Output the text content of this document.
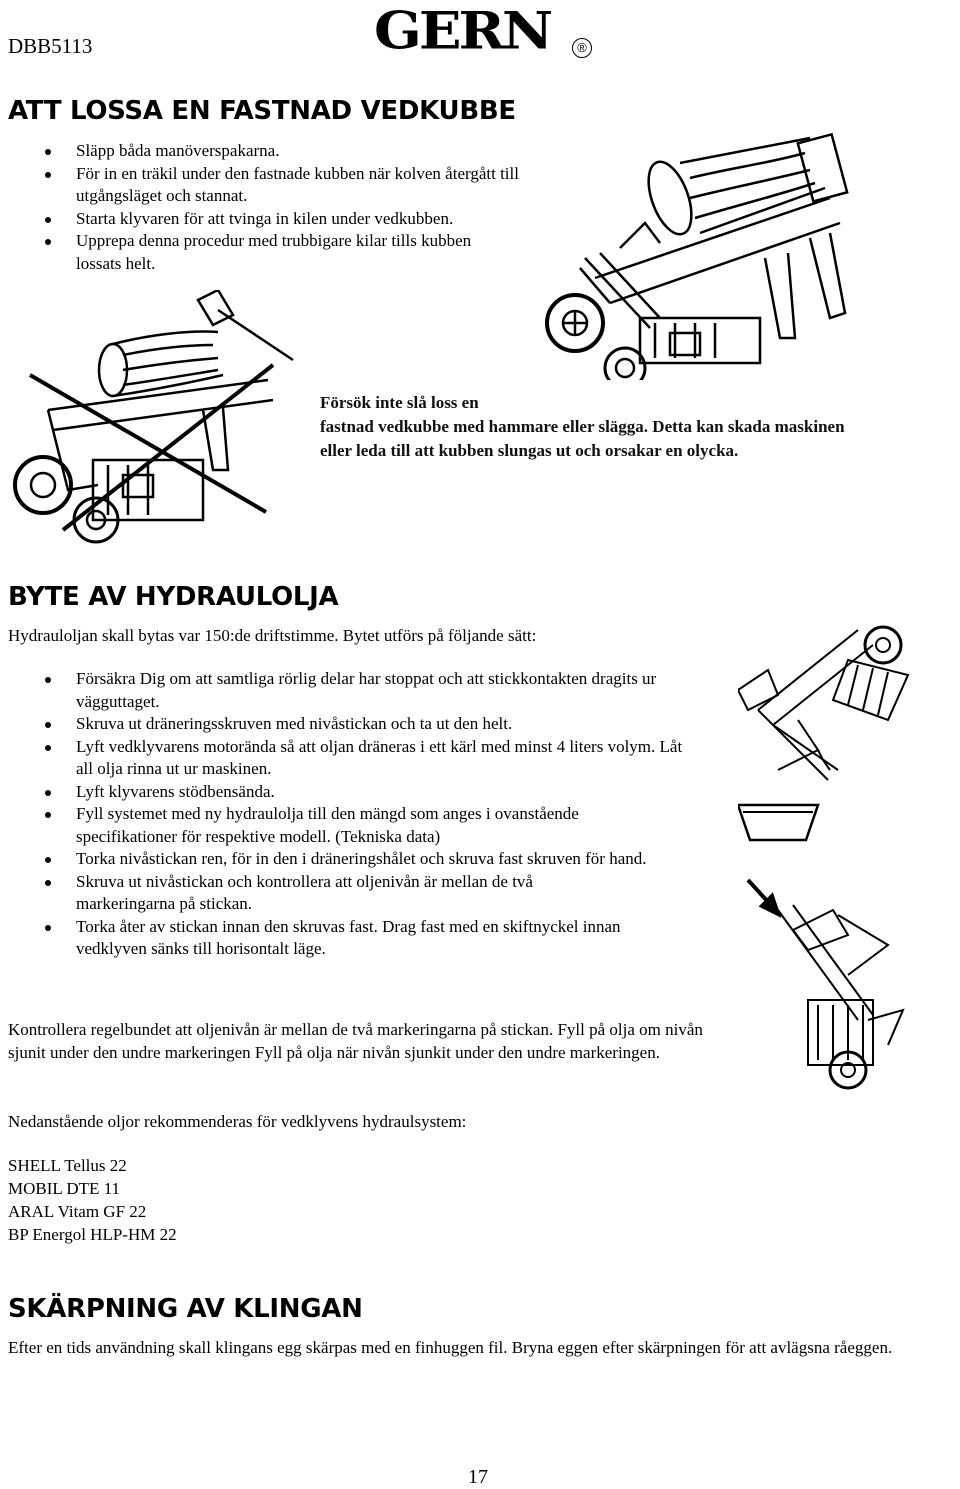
DBB5113	GERN	®
ATT LOSSA EN FASTNAD VEDKUBBE
Släpp båda manöverspakarna.
För in en träkil under den fastnade kubben när kolven återgått till utgångsläget och stannat.
Starta klyvaren för att tvinga in kilen under vedkubben.
Upprepa denna procedur med trubbigare kilar tills kubben lossats helt.
Försök inte slå loss en
fastnad vedkubbe med hammare eller slägga. Detta kan skada maskinen
eller leda till att kubben slungas ut och orsakar en olycka.
BYTE AV HYDRAULOLJA
Hydrauloljan skall bytas var 150:de driftstimme. Bytet utförs på följande sätt:
Försäkra Dig om att samtliga rörlig delar har stoppat och att stickkontakten dragits ur vägguttaget.
Skruva ut dräneringsskruven med nivåstickan och ta ut den helt.
Lyft vedklyvarens motorända så att oljan dräneras i ett kärl med minst 4 liters volym. Låt all olja rinna ut ur maskinen.
Lyft klyvarens stödbensända.
Fyll systemet med ny hydraulolja till den mängd som anges i ovanstående specifikationer för respektive modell. (Tekniska data)
Torka nivåstickan ren, för in den i dräneringshålet och skruva fast skruven för hand.
Skruva ut nivåstickan och kontrollera att oljenivån är mellan de två markeringarna på stickan.
Torka åter av stickan innan den skruvas fast. Drag fast med en skiftnyckel innan vedklyven sänks till horisontalt läge.
Kontrollera regelbundet att oljenivån är mellan de två markeringarna på stickan. Fyll på olja om nivån sjunit under den undre markeringen Fyll på olja när nivån sjunkit under den undre markeringen.
Nedanstående oljor rekommenderas för vedklyvens hydraulsystem:
SHELL Tellus 22
MOBIL DTE 11
ARAL Vitam GF 22
BP Energol HLP-HM 22
SKÄRPNING AV KLINGAN
Efter en tids användning skall klingans egg skärpas med en finhuggen fil. Bryna eggen efter skärpningen för att avlägsna råeggen.
17
